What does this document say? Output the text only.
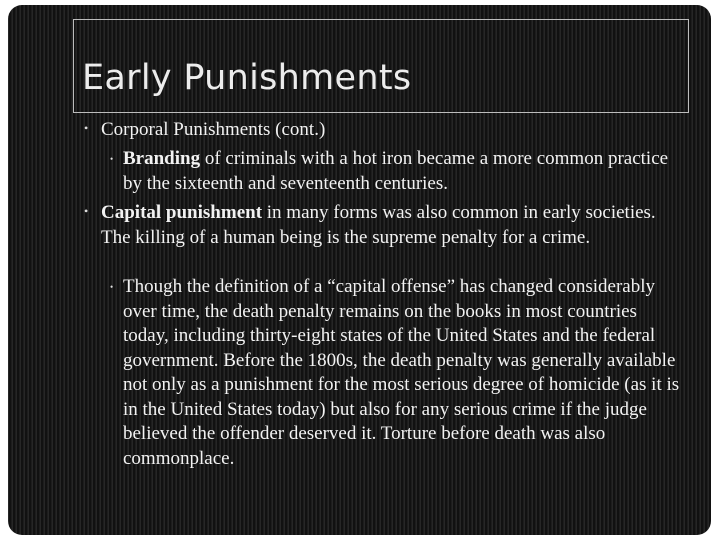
Early Punishments
• Corporal Punishments (cont.)
• Branding of criminals with a hot iron became a more common practice by the sixteenth and seventeenth centuries.
• Capital punishment in many forms was also common in early societies. The killing of a human being is the supreme penalty for a crime.
• Though the definition of a “capital offense” has changed considerably over time, the death penalty remains on the books in most countries today, including thirty-eight states of the United States and the federal government. Before the 1800s, the death penalty was generally available not only as a punishment for the most serious degree of homicide (as it is in the United States today) but also for any serious crime if the judge believed the offender deserved it. Torture before death was also commonplace.
